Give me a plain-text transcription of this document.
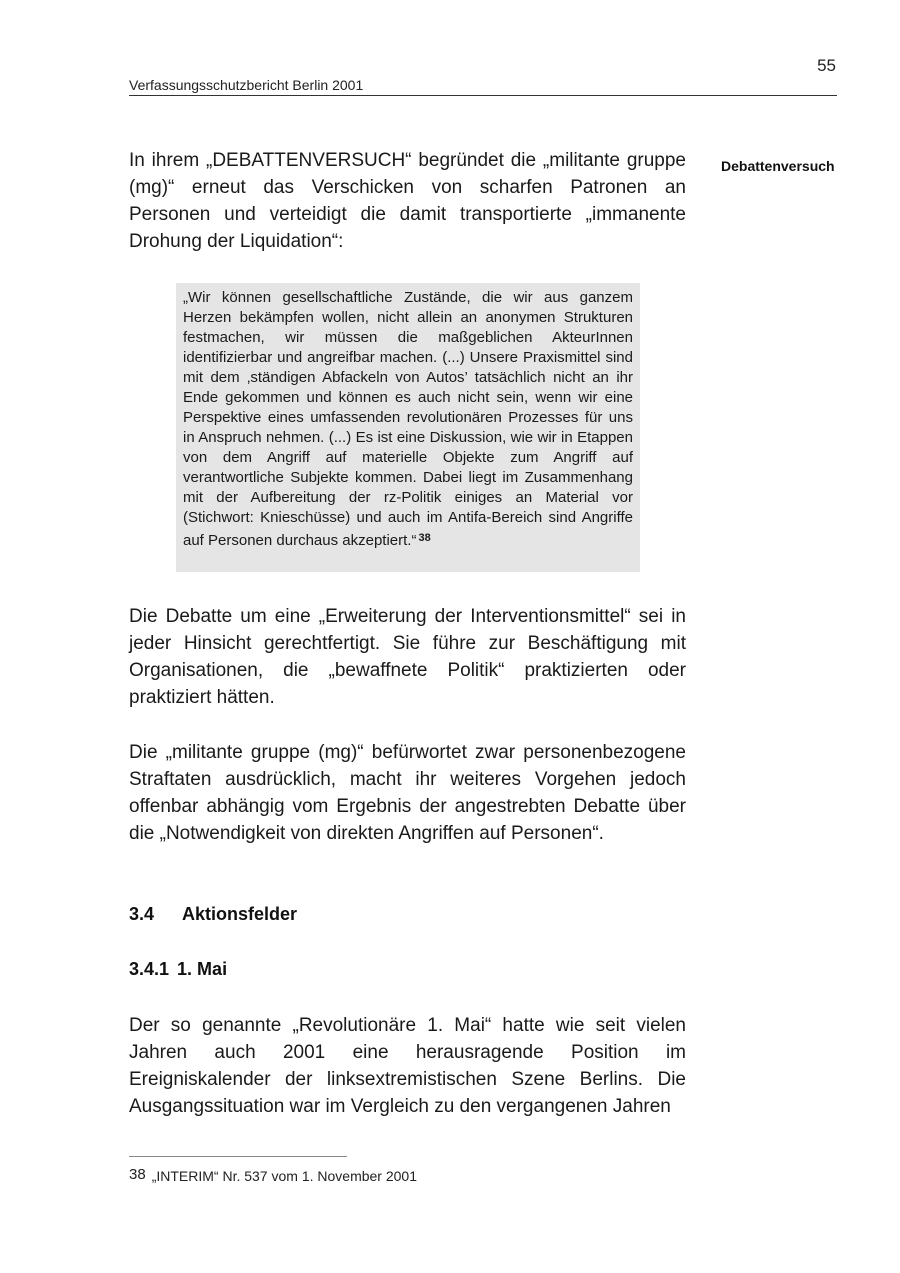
55
Verfassungsschutzbericht Berlin 2001
Debattenversuch

In ihrem „DEBATTENVERSUCH“ begründet die „militante gruppe (mg)“ erneut das Verschicken von scharfen Patronen an Personen und verteidigt die damit transportierte „immanente Drohung der Liquidation“:

„Wir können gesellschaftliche Zustände, die wir aus ganzem Herzen bekämpfen wollen, nicht allein an anonymen Strukturen festmachen, wir müssen die maßgeblichen AkteurInnen identifizierbar und angreifbar machen. (...) Unsere Praxismittel sind mit dem ‚ständigen Abfackeln von Autos’ tatsächlich nicht an ihr Ende gekommen und können es auch nicht sein, wenn wir eine Perspektive eines umfassenden revolutionären Prozesses für uns in Anspruch nehmen. (...) Es ist eine Diskussion, wie wir in Etappen von dem Angriff auf materielle Objekte zum Angriff auf verantwortliche Subjekte kommen. Dabei liegt im Zusammenhang mit der Aufbereitung der rz-Politik einiges an Material vor (Stichwort: Knieschüsse) und auch im Antifa-Bereich sind Angriffe auf Personen durchaus akzeptiert.“ $^{38}$

Die Debatte um eine „Erweiterung der Interventionsmittel“ sei in jeder Hinsicht gerechtfertigt. Sie führe zur Beschäftigung mit Organisationen, die „bewaffnete Politik“ praktizierten oder praktiziert hätten.

Die „militante gruppe (mg)“ befürwortet zwar personenbezogene Straftaten ausdrücklich, macht ihr weiteres Vorgehen jedoch offenbar abhängig vom Ergebnis der angestrebten Debatte über die „Notwendigkeit von direkten Angriffen auf Personen“.

3.4 Aktionsfelder
3.4.1 1. Mai

Der so genannte „Revolutionäre 1. Mai“ hatte wie seit vielen Jahren auch 2001 eine herausragende Position im Ereigniskalender der linksextremistischen Szene Berlins. Die Ausgangssituation war im Vergleich zu den vergangenen Jahren

38 „INTERIM“ Nr. 537 vom 1. November 2001
